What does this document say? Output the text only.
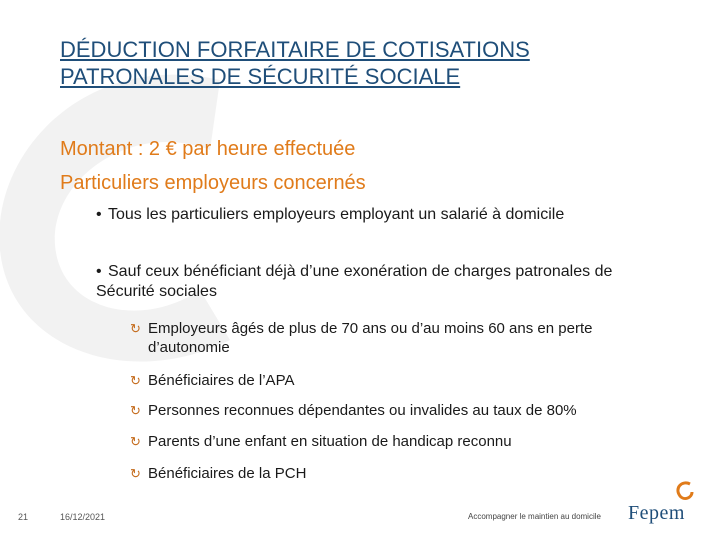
DÉDUCTION FORFAITAIRE DE COTISATIONS PATRONALES DE SÉCURITÉ SOCIALE
Montant : 2 € par heure effectuée
Particuliers employeurs concernés
• Tous les particuliers employeurs employant un salarié à domicile
• Sauf ceux bénéficiant déjà d’une exonération de charges patronales de Sécurité sociales
↻ Employeurs âgés de plus de 70 ans ou d’au moins 60 ans en perte d’autonomie
↻ Bénéficiaires de l’APA
↻ Personnes reconnues dépendantes ou invalides au taux de 80%
↻ Parents d’une enfant en situation de handicap reconnu
↻ Bénéficiaires de la PCH
21	16/12/2021	Accompagner le maintien au domicile Fepem
